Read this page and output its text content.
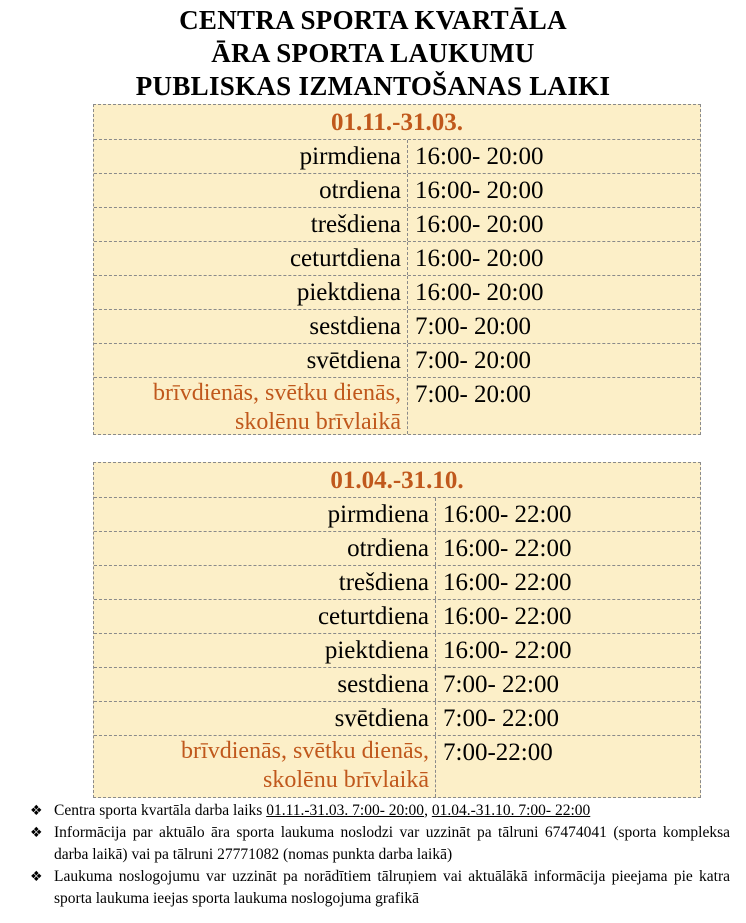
CENTRA SPORTA KVARTĀLA
ĀRA SPORTA LAUKUMU
PUBLISKAS IZMANTOŠANAS LAIKI
01.11.-31.03.
pirmdiena 16:00- 20:00
otrdiena 16:00- 20:00
trešdiena 16:00- 20:00
ceturtdiena 16:00- 20:00
piektdiena 16:00- 20:00
sestdiena 7:00- 20:00
svētdiena 7:00- 20:00
brīvdienās, svētku dienās,
skolēnu brīvlaikā
7:00- 20:00
01.04.-31.10.
pirmdiena 16:00- 22:00
otrdiena 16:00- 22:00
trešdiena 16:00- 22:00
ceturtdiena 16:00- 22:00
piektdiena 16:00- 22:00
sestdiena 7:00- 22:00
svētdiena 7:00- 22:00
brīvdienās, svētku dienās,
skolēnu brīvlaikā
7:00-22:00
❖ Centra sporta kvartāla darba laiks 01.11.-31.03. 7:00- 20:00, 01.04.-31.10. 7:00- 22:00
❖ Informācija par aktuālo āra sporta laukuma noslodzi var uzzināt pa tālruni 67474041 (sporta kompleksa darba laikā) vai pa tālruni 27771082 (nomas punkta darba laikā)
❖ Laukuma noslogojumu var uzzināt pa norādītiem tālruņiem vai aktuālākā informācija pieejama pie katra sporta laukuma ieejas sporta laukuma noslogojuma grafikā
